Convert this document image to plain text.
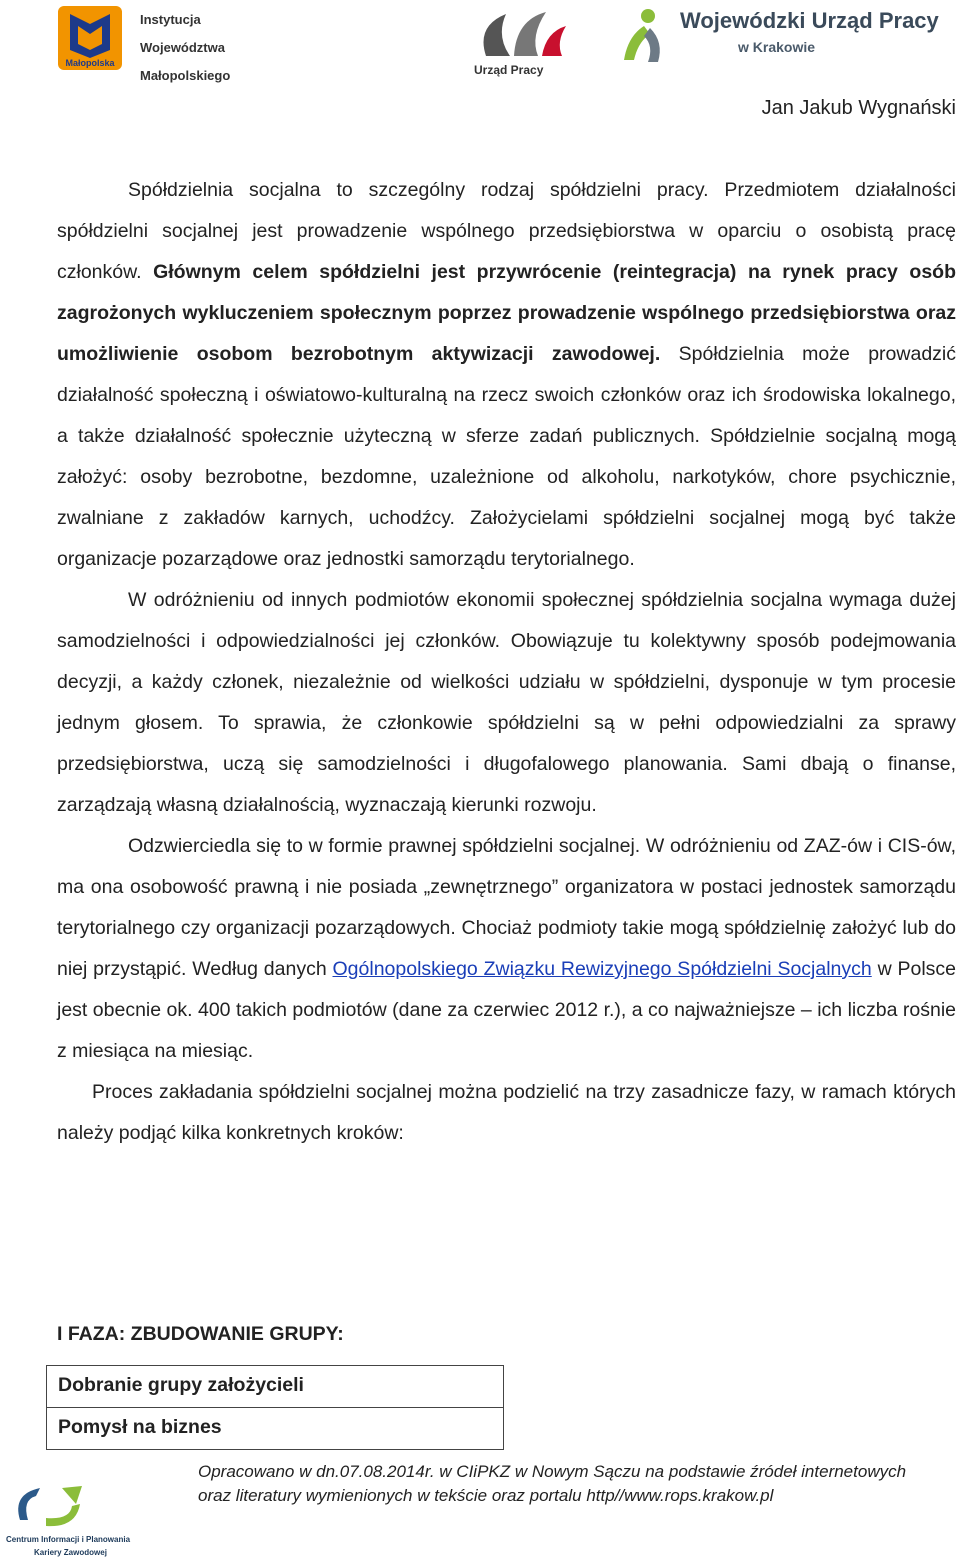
Małopolska
Instytucja
Województwa
Małopolskiego	Urząd Pracy
Wojewódzki Urząd Pracy
w Krakowie
Jan Jakub Wygnański

Spółdzielnia socjalna to szczególny rodzaj spółdzielni pracy. Przedmiotem działalności spółdzielni socjalnej jest prowadzenie wspólnego przedsiębiorstwa w oparciu o osobistą pracę członków. Głównym celem spółdzielni jest przywrócenie (reintegracja) na rynek pracy osób zagrożonych wykluczeniem społecznym poprzez prowadzenie wspólnego przedsiębiorstwa oraz umożliwienie osobom bezrobotnym aktywizacji zawodowej. Spółdzielnia może prowadzić działalność społeczną i oświatowo-kulturalną na rzecz swoich członków oraz ich środowiska lokalnego, a także działalność społecznie użyteczną w sferze zadań publicznych. Spółdzielnie socjalną mogą założyć: osoby bezrobotne, bezdomne, uzależnione od alkoholu, narkotyków, chore psychicznie, zwalniane z zakładów karnych, uchodźcy. Założycielami spółdzielni socjalnej mogą być także organizacje pozarządowe oraz jednostki samorządu terytorialnego.

W odróżnieniu od innych podmiotów ekonomii społecznej spółdzielnia socjalna wymaga dużej samodzielności i odpowiedzialności jej członków. Obowiązuje tu kolektywny sposób podejmowania decyzji, a każdy członek, niezależnie od wielkości udziału w spółdzielni, dysponuje w tym procesie jednym głosem. To sprawia, że członkowie spółdzielni są w pełni odpowiedzialni za sprawy przedsiębiorstwa, uczą się samodzielności i długofalowego planowania. Sami dbają o finanse, zarządzają własną działalnością, wyznaczają kierunki rozwoju.

Odzwierciedla się to w formie prawnej spółdzielni socjalnej. W odróżnieniu od ZAZ-ów i CIS-ów, ma ona osobowość prawną i nie posiada „zewnętrznego” organizatora w postaci jednostek samorządu terytorialnego czy organizacji pozarządowych. Chociaż podmioty takie mogą spółdzielnię założyć lub do niej przystąpić. Według danych Ogólnopolskiego Związku Rewizyjnego Spółdzielni Socjalnych w Polsce jest obecnie ok. 400 takich podmiotów (dane za czerwiec 2012 r.), a co najważniejsze – ich liczba rośnie z miesiąca na miesiąc.

Proces zakładania spółdzielni socjalnej można podzielić na trzy zasadnicze fazy, w ramach których należy podjąć kilka konkretnych kroków:

I FAZA: ZBUDOWANIE GRUPY:
Dobranie grupy założycieli
Pomysł na biznes
Centrum Informacji i Planowania
Kariery Zawodowej
Opracowano w dn.07.08.2014r. w CIiPKZ w Nowym Sączu na podstawie źródeł internetowych oraz literatury wymienionych w tekście oraz portalu http//www.rops.krakow.pl
